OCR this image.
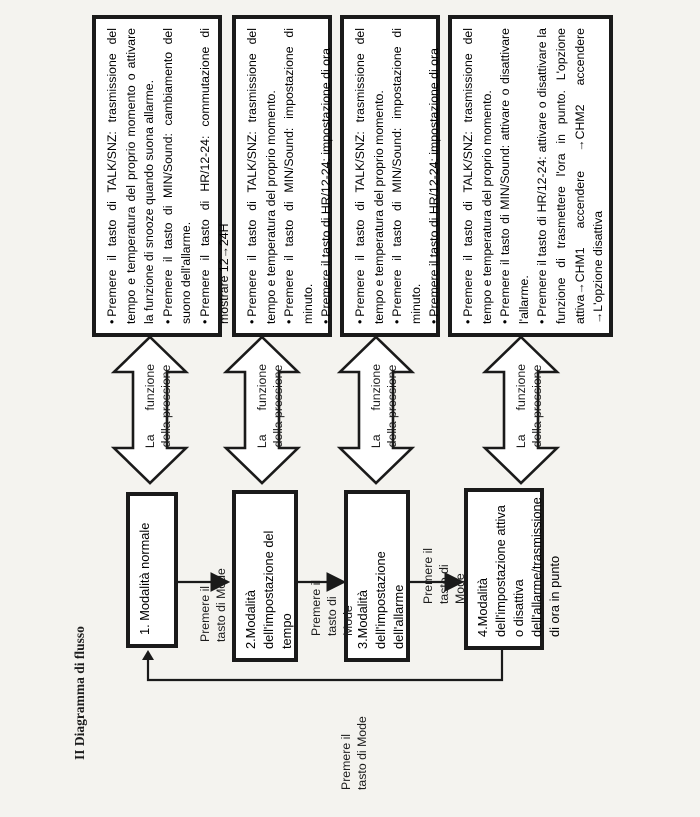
II Diagramma di flusso
1. Modalità normale	2.Modalità dell'impostazione del tempo	3.Modalità dell'impostazione dell'allarme	4.Modalità dell'impostazione attiva o disattiva dell'allarme/trasmissione di ora in punto
Premere il tasto di Mode	Premere il tasto di Mode
Premere il tasto di Mode
Premere il tasto di Mode
La       funzione della pressione	La       funzione della pressione	La       funzione della pressione	La       funzione della pressione

• Premere il tasto di TALK/SNZ: trasmissione del tempo e temperatura del proprio momento o attivare la funzione di snooze quando suona allarme. • Premere il tasto di MIN/Sound: cambiamento del suono dell'allarme. • Premere il tasto di HR/12-24: commutazione di mostrare 12→24H • Premere il tasto di TALK/SNZ: trasmissione del tempo e temperatura del proprio momento. • Premere il tasto di MIN/Sound: impostazione di minuto. • Premere il tasto di HR/12-24: impostazione di ora • Premere il tasto di TALK/SNZ: trasmissione del tempo e temperatura del proprio momento. • Premere il tasto di MIN/Sound: impostazione di minuto. • Premere il tasto di HR/12-24: impostazione di ora • Premere il tasto di TALK/SNZ: trasmissione del tempo e temperatura del proprio momento. • Premere il tasto di MIN/Sound: attivare o disattivare l'allarme. • Premere il tasto di HR/12-24: attivare o disattivare la funzione di trasmettere l'ora in punto. L'opzione attiva→CHM1 accendere →CHM2 accendere →L'opzione disattiva
